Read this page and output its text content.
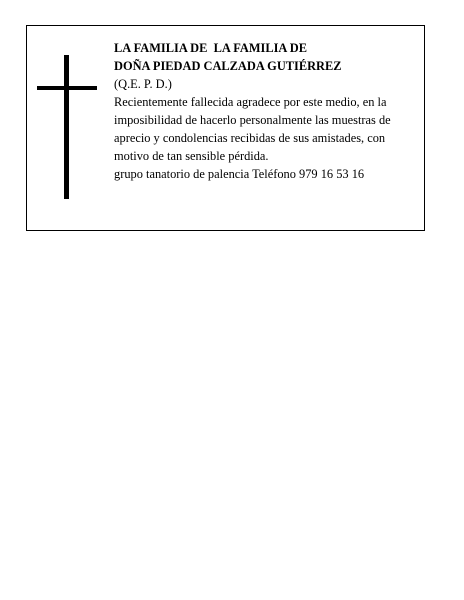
LA FAMILIA DE  LA FAMILIA DE

DOÑA PIEDAD CALZADA GUTIÉRREZ

(Q.E. P. D.)

Recientemente fallecida agradece por este medio, en la imposibilidad de hacerlo personalmente las muestras de aprecio y condolencias recibidas de sus amistades, con motivo de tan sensible pérdida.

grupo tanatorio de palencia Teléfono 979 16 53 16
